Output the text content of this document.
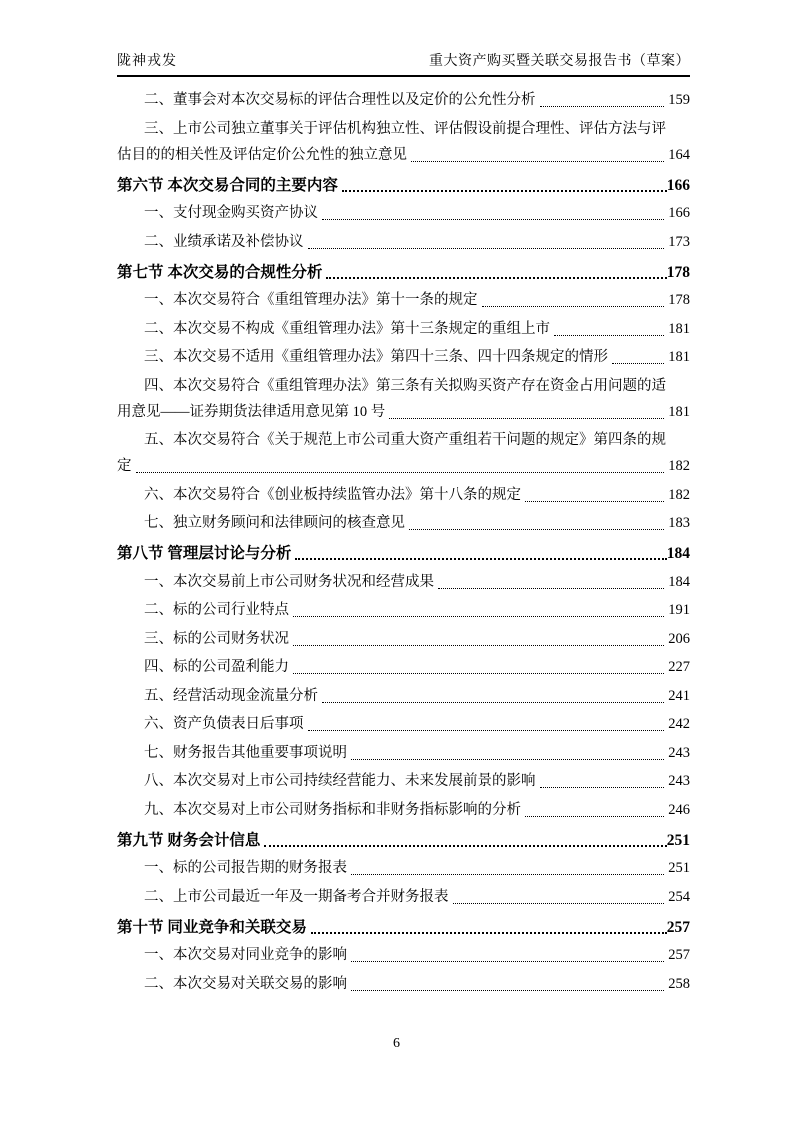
陇神戎发	重大资产购买暨关联交易报告书（草案）
二、董事会对本次交易标的评估合理性以及定价的公允性分析	159
三、上市公司独立董事关于评估机构独立性、评估假设前提合理性、评估方法与评
估目的的相关性及评估定价公允性的独立意见	164
第六节 本次交易合同的主要内容	166
一、支付现金购买资产协议	166
二、业绩承诺及补偿协议	173
第七节 本次交易的合规性分析	178
一、本次交易符合《重组管理办法》第十一条的规定	178
二、本次交易不构成《重组管理办法》第十三条规定的重组上市	181
三、本次交易不适用《重组管理办法》第四十三条、四十四条规定的情形	181
四、本次交易符合《重组管理办法》第三条有关拟购买资产存在资金占用问题的适
用意见——证券期货法律适用意见第 10 号	181
五、本次交易符合《关于规范上市公司重大资产重组若干问题的规定》第四条的规
定	182
六、本次交易符合《创业板持续监管办法》第十八条的规定	182
七、独立财务顾问和法律顾问的核查意见	183
第八节 管理层讨论与分析	184
一、本次交易前上市公司财务状况和经营成果	184
二、标的公司行业特点	191
三、标的公司财务状况	206
四、标的公司盈利能力	227
五、经营活动现金流量分析	241
六、资产负债表日后事项	242
七、财务报告其他重要事项说明	243
八、本次交易对上市公司持续经营能力、未来发展前景的影响	243
九、本次交易对上市公司财务指标和非财务指标影响的分析	246
第九节 财务会计信息	251
一、标的公司报告期的财务报表	251
二、上市公司最近一年及一期备考合并财务报表	254
第十节 同业竞争和关联交易	257
一、本次交易对同业竞争的影响	257
二、本次交易对关联交易的影响	258
6
